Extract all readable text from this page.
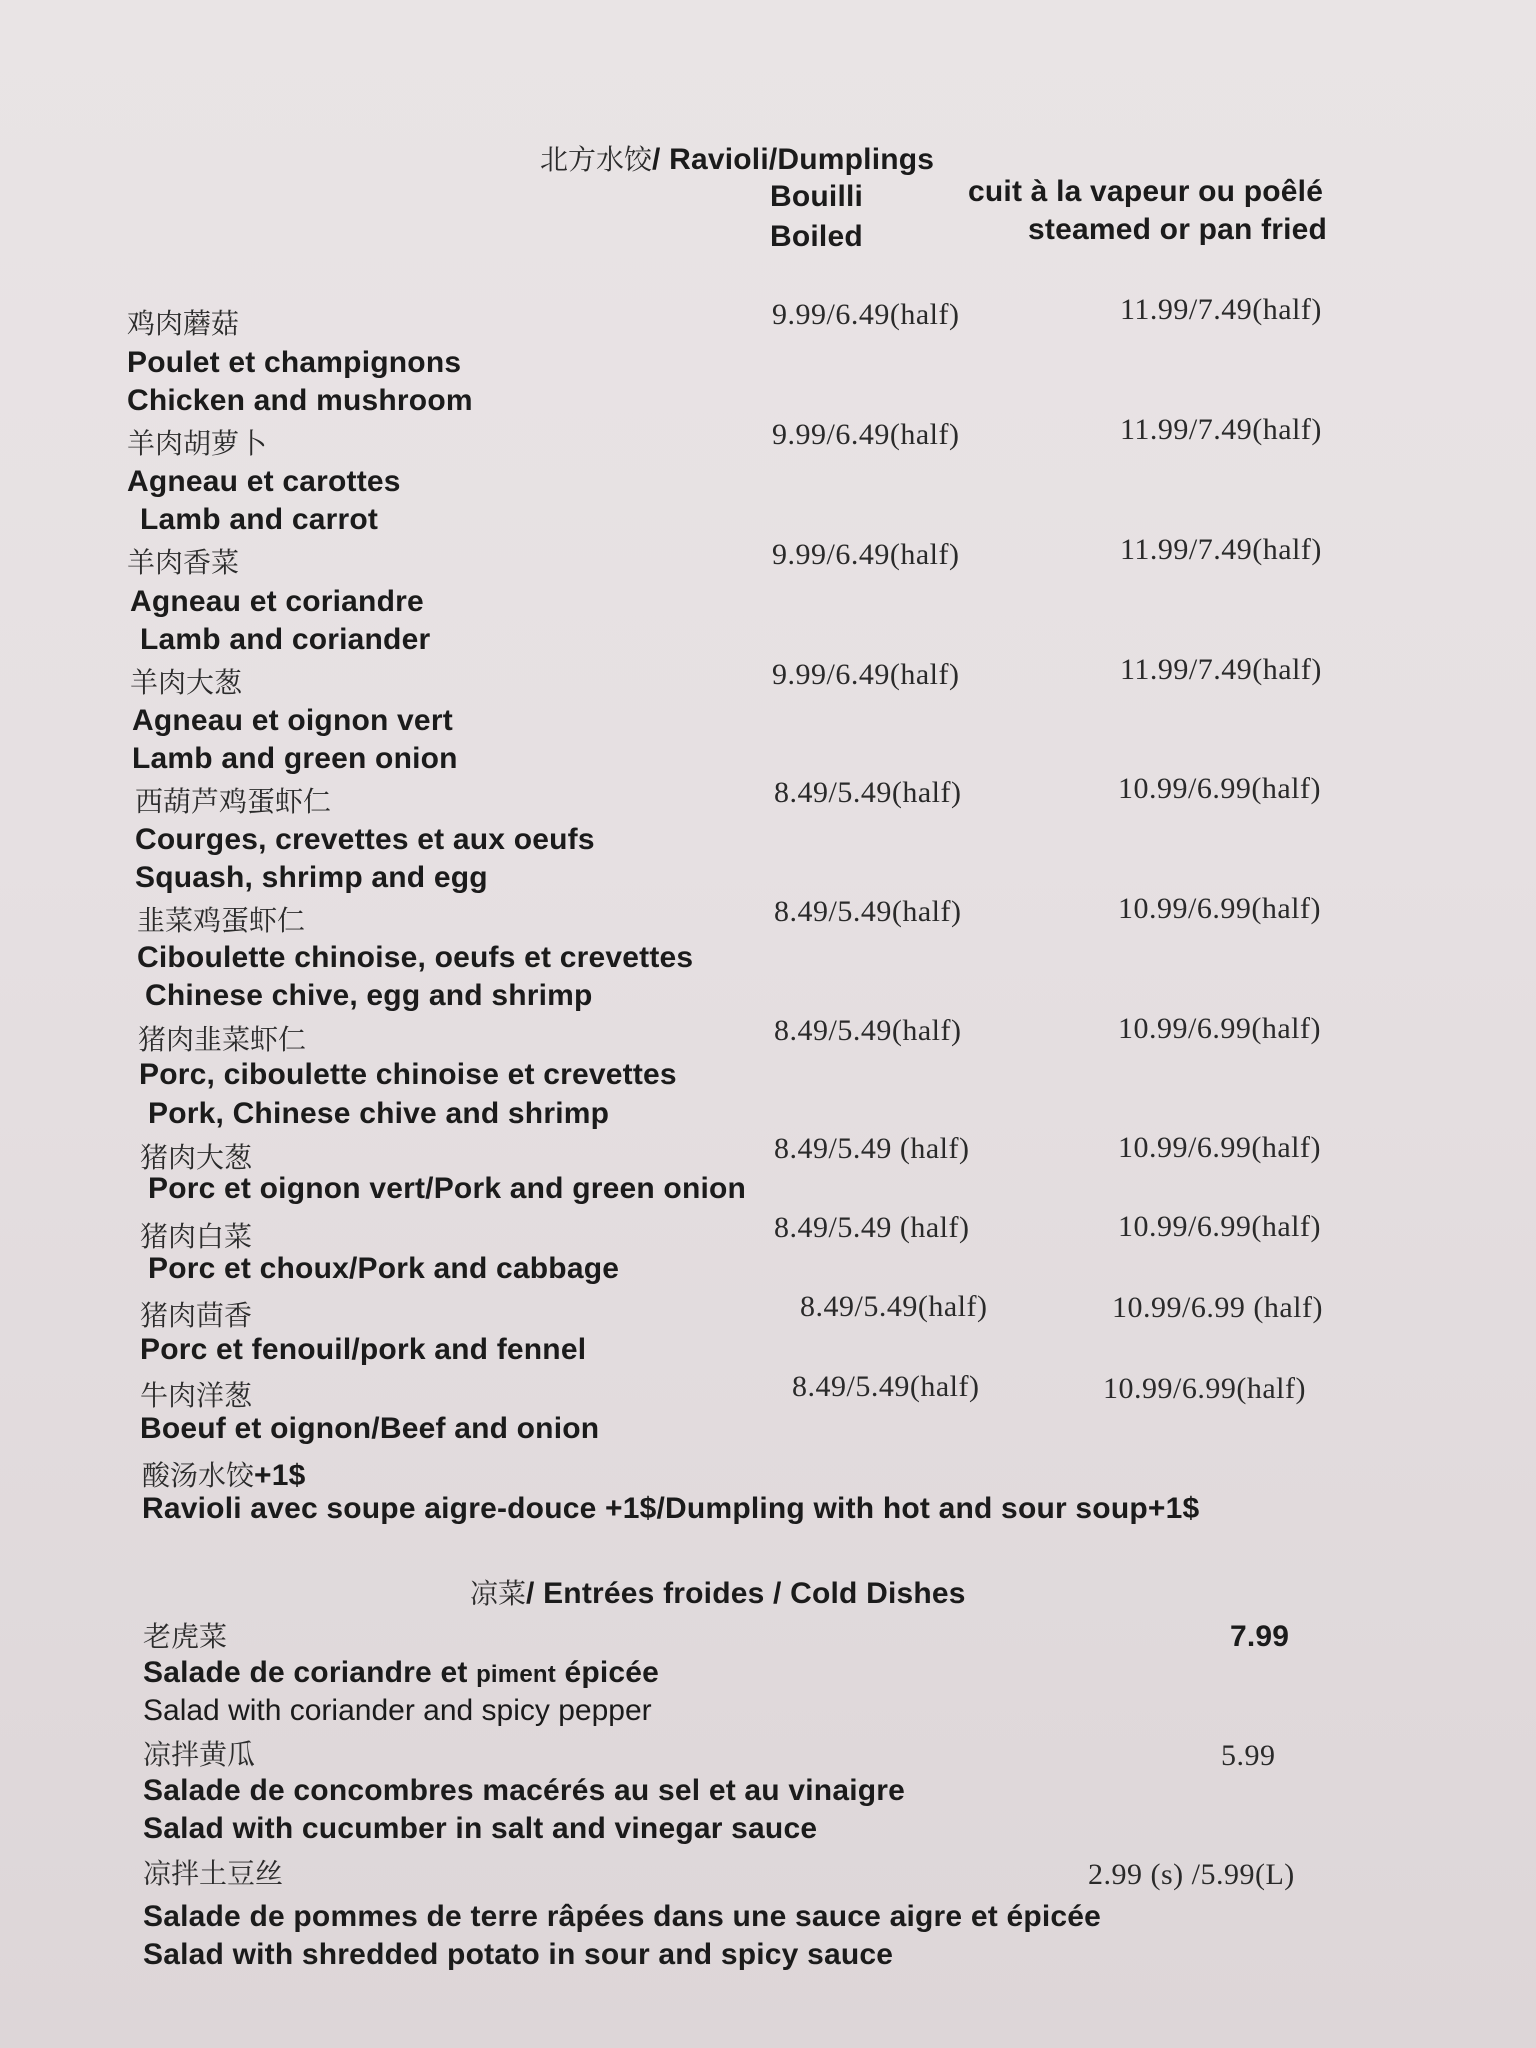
北方水饺/ Ravioli/Dumplings
Bouilli
Boiled
cuit à la vapeur ou poêlé
steamed or pan fried
鸡肉蘑菇	9.99/6.49(half)	11.99/7.49(half)
Poulet et champignons
Chicken and mushroom
羊肉胡萝卜	9.99/6.49(half)	11.99/7.49(half)
Agneau et carottes
Lamb and carrot
羊肉香菜	9.99/6.49(half)	11.99/7.49(half)
Agneau et coriandre
Lamb and coriander
羊肉大葱	9.99/6.49(half)	11.99/7.49(half)
Agneau et oignon vert
Lamb and green onion
西葫芦鸡蛋虾仁	8.49/5.49(half)	10.99/6.99(half)
Courges, crevettes et aux oeufs
Squash, shrimp and egg
韭菜鸡蛋虾仁	8.49/5.49(half)	10.99/6.99(half)
Ciboulette chinoise, oeufs et crevettes
Chinese chive, egg and shrimp
猪肉韭菜虾仁	8.49/5.49(half)	10.99/6.99(half)
Porc, ciboulette chinoise et crevettes
Pork, Chinese chive and shrimp
猪肉大葱	8.49/5.49 (half)	10.99/6.99(half)
Porc et oignon vert/Pork and green onion
猪肉白菜	8.49/5.49 (half)	10.99/6.99(half)
Porc et choux/Pork and cabbage
猪肉茴香	8.49/5.49(half)	10.99/6.99 (half)
Porc et fenouil/pork and fennel
牛肉洋葱	8.49/5.49(half)	10.99/6.99(half)
Boeuf et oignon/Beef and onion
酸汤水饺+1$
Ravioli avec soupe aigre-douce +1$/Dumpling with hot and sour soup+1$
凉菜/ Entrées froides / Cold Dishes
老虎菜	7.99
Salade de coriandre et piment épicée
Salad with coriander and spicy pepper
凉拌黄瓜	5.99
Salade de concombres macérés au sel et au vinaigre
Salad with cucumber in salt and vinegar sauce
凉拌土豆丝	2.99 (s) /5.99(L)
Salade de pommes de terre râpées dans une sauce aigre et épicée
Salad with shredded potato in sour and spicy sauce
